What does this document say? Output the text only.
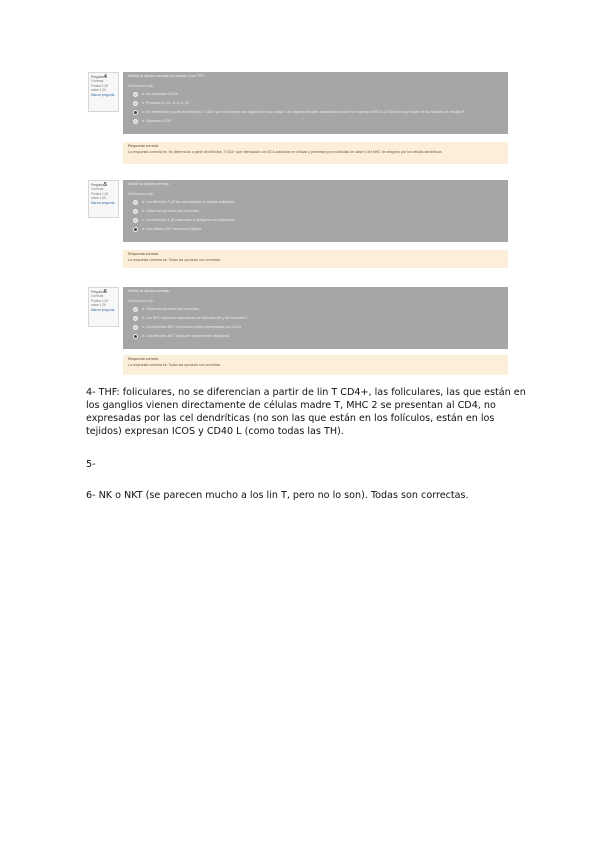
Pregunta4
Correcta
Puntúa 1,00 sobre 1,00
Marcar pregunta
Señale la opción correcta en relación a los TFH:
Seleccione una:
a. No expresan CD40L
b. Producen IL-21, IL-4, IL-10
c. Se diferencian a partir de linfocitos T CD4+ que encuentran con ligandos en las zonas T de órganos linfoides secundarios donde se expresan MHC-II y CD4 pero que están en los folículos de células B
d. Expresan ICOS
Respuesta correcta
La respuesta correcta es: Se diferencian a partir de linfocitos T CD4+ que interactúan con DCs activados en células y presentan por moléculas de clase II del MHC de antígeno por los células dendríticas
Pregunta5
Correcta
Puntúa 1,00 sobre 1,00
Marcar pregunta
Señale la opción correcta:
Seleccione una:
a. Los linfocitos T γδ son abundantes en tejidos epiteliales
b. Todas las opciones son correctas
c. Los linfocitos T γδ responden a antígenos no peptídicos
d. Las células NKT reconocen lípidos
Respuesta correcta
La respuesta correcta es: Todas las opciones son correctas
Pregunta6
Correcta
Puntúa 1,00 sobre 1,00
Marcar pregunta
Señale la opción correcta:
Seleccione una:
a. Todas las opciones son correctas
b. Los NKT expresan marcadores de linfocitos NK y de linfocitos T
c. Los linfocitos NKT reconocen lípidos presentados por CD1d
d. Los linfocitos NKT producen rápidamente citoquinas
Respuesta correcta
La respuesta correcta es: Todas las opciones son correctas

4- THF: foliculares, no se diferencian a partir de lin T CD4+, las foliculares, las que están en los ganglios vienen directamente de células madre T, MHC 2 se presentan al CD4, no expresadas por las cel dendríticas (no son las que están en los folículos, están en los tejidos) expresan ICOS y CD40 L (como todas las TH).

5-

6- NK o NKT (se parecen mucho a los lin T, pero no lo son). Todas son correctas.
